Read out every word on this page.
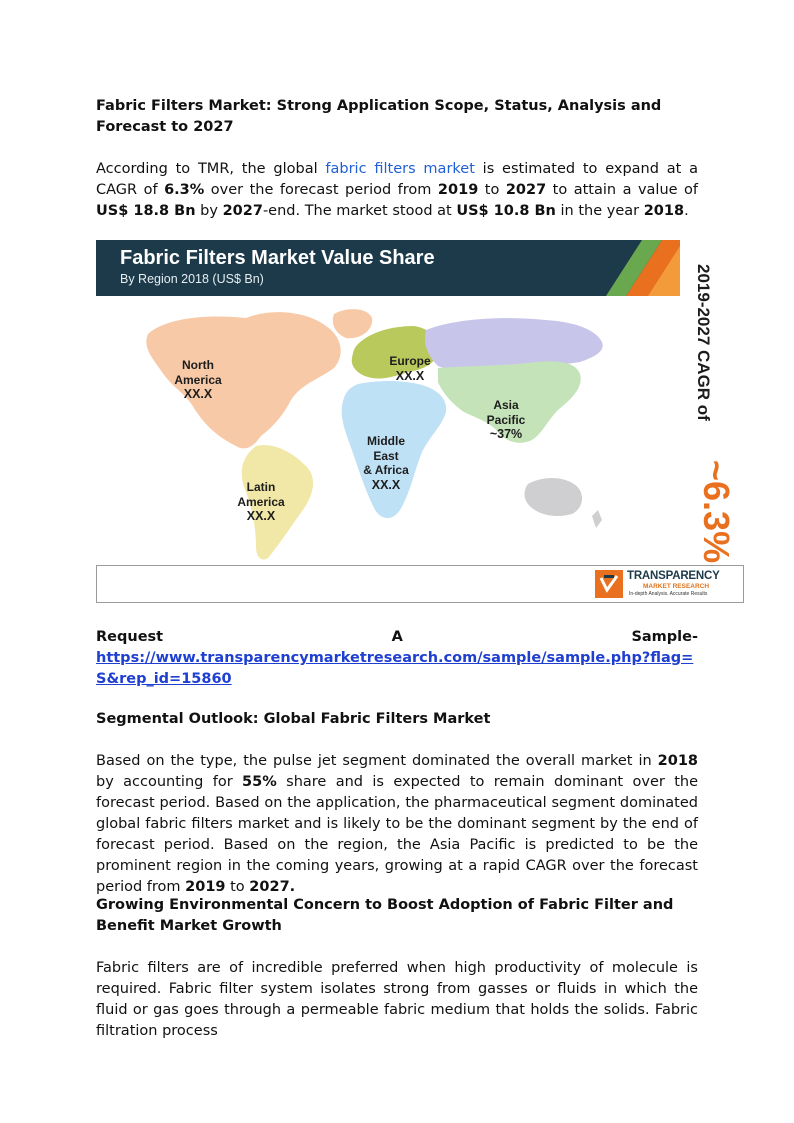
Fabric Filters Market: Strong Application Scope, Status, Analysis and Forecast to 2027

According to TMR, the global fabric filters market is estimated to expand at a CAGR of 6.3% over the forecast period from 2019 to 2027 to attain a value of US$ 18.8 Bn by 2027-end. The market stood at US$ 10.8 Bn in the year 2018.

Fabric Filters Market Value Share
By Region 2018 (US$ Bn)
North
America
XX.X
Europe
XX.X
Asia
Pacific
~37%
Middle
East
& Africa
XX.X
Latin
America
XX.X
2019-2027 CAGR of
~6.3%
TRANSPARENCY
MARKET RESEARCH
In-depth Analysis. Accurate Results
Request	A	Sample-
https://www.transparencymarketresearch.com/sample/sample.php?flag=S&rep_id=15860
Segmental Outlook: Global Fabric Filters Market

Based on the type, the pulse jet segment dominated the overall market in 2018 by accounting for 55% share and is expected to remain dominant over the forecast period. Based on the application, the pharmaceutical segment dominated global fabric filters market and is likely to be the dominant segment by the end of forecast period. Based on the region, the Asia Pacific is predicted to be the prominent region in the coming years, growing at a rapid CAGR over the forecast period from 2019 to 2027.

Growing Environmental Concern to Boost Adoption of Fabric Filter and Benefit Market Growth

Fabric filters are of incredible preferred when high productivity of molecule is required. Fabric filter system isolates strong from gasses or fluids in which the fluid or gas goes through a permeable fabric medium that holds the solids. Fabric filtration process
